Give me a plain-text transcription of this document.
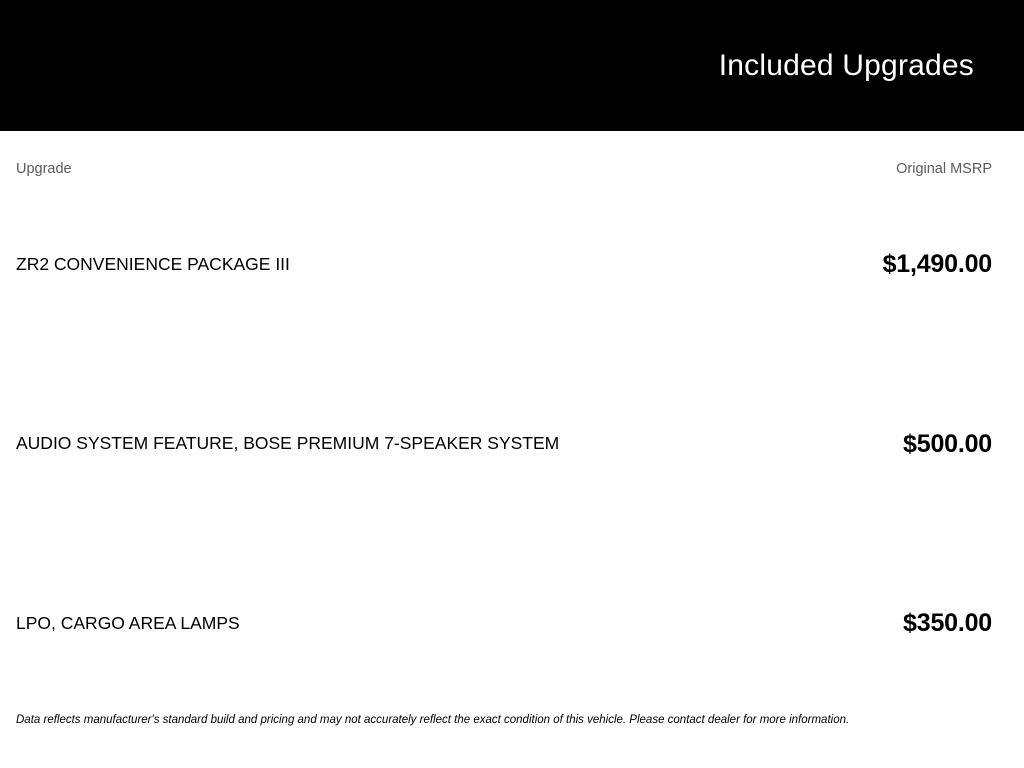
Included Upgrades
Upgrade	Original MSRP
ZR2 CONVENIENCE PACKAGE III	$1,490.00
AUDIO SYSTEM FEATURE, BOSE PREMIUM 7-SPEAKER SYSTEM	$500.00
LPO, CARGO AREA LAMPS	$350.00
Data reflects manufacturer's standard build and pricing and may not accurately reflect the exact condition of this vehicle. Please contact dealer for more information.
